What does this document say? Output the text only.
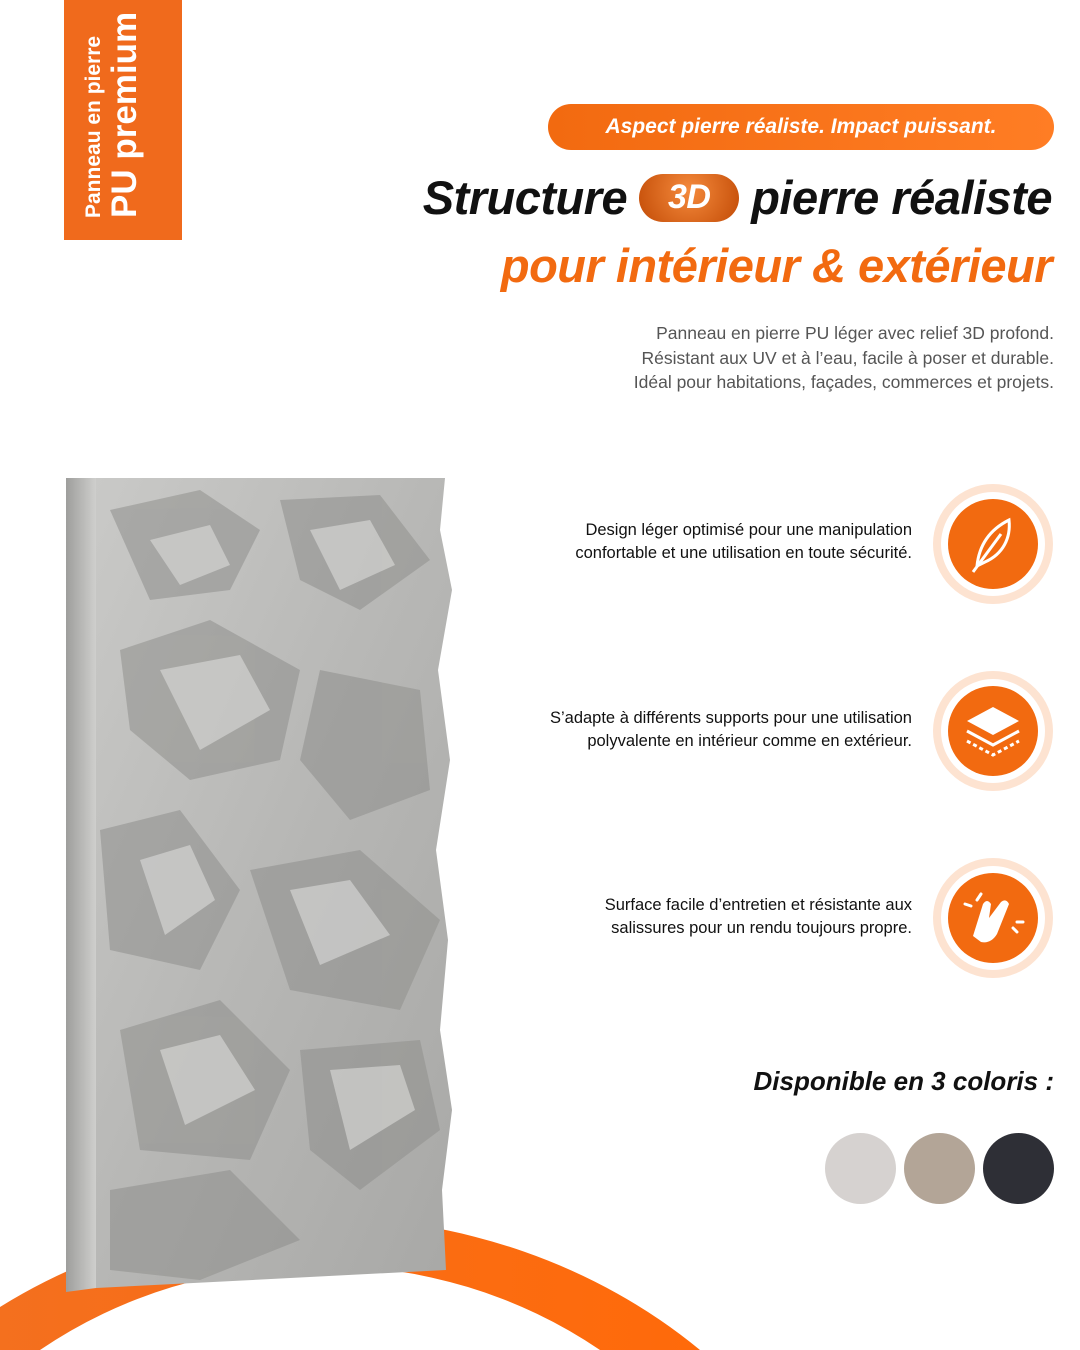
Panneau en pierre PU premium	Aspect pierre réaliste. Impact puissant.
Structure	3D pierre réaliste
pour intérieur & extérieur
Panneau en pierre PU léger avec relief 3D profond.
Résistant aux UV et à l’eau, facile à poser et durable.
Idéal pour habitations, façades, commerces et projets.
Design léger optimisé pour une manipulation
confortable et une utilisation en toute sécurité.
S’adapte à différents supports pour une utilisation
polyvalente en intérieur comme en extérieur.
Surface facile d’entretien et résistante aux
salissures pour un rendu toujours propre.
Disponible en 3 coloris :
